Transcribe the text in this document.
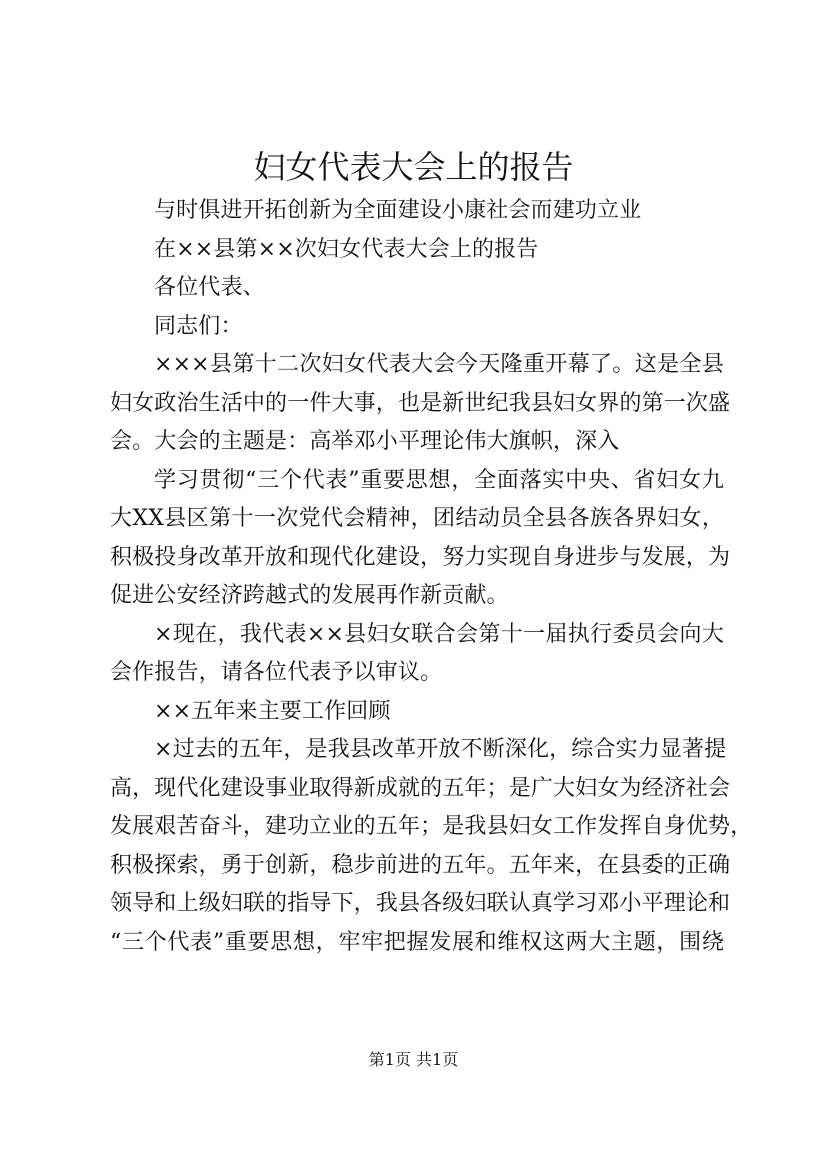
妇女代表大会上的报告
与时俱进开拓创新为全面建设小康社会而建功立业
在××县第××次妇女代表大会上的报告
各位代表、
同志们：
×××县第十二次妇女代表大会今天隆重开幕了。这是全县
妇女政治生活中的一件大事，也是新世纪我县妇女界的第一次盛
会。大会的主题是：高举邓小平理论伟大旗帜，深入
学习贯彻“三个代表”重要思想，全面落实中央、省妇女九
大XX县区第十一次党代会精神，团结动员全县各族各界妇女，
积极投身改革开放和现代化建设，努力实现自身进步与发展，为
促进公安经济跨越式的发展再作新贡献。
×现在，我代表××县妇女联合会第十一届执行委员会向大
会作报告，请各位代表予以审议。
××五年来主要工作回顾
×过去的五年，是我县改革开放不断深化，综合实力显著提
高，现代化建设事业取得新成就的五年；是广大妇女为经济社会
发展艰苦奋斗，建功立业的五年；是我县妇女工作发挥自身优势，
积极探索，勇于创新，稳步前进的五年。五年来，在县委的正确
领导和上级妇联的指导下，我县各级妇联认真学习邓小平理论和
“三个代表”重要思想，牢牢把握发展和维权这两大主题，围绕
第1页 共1页
